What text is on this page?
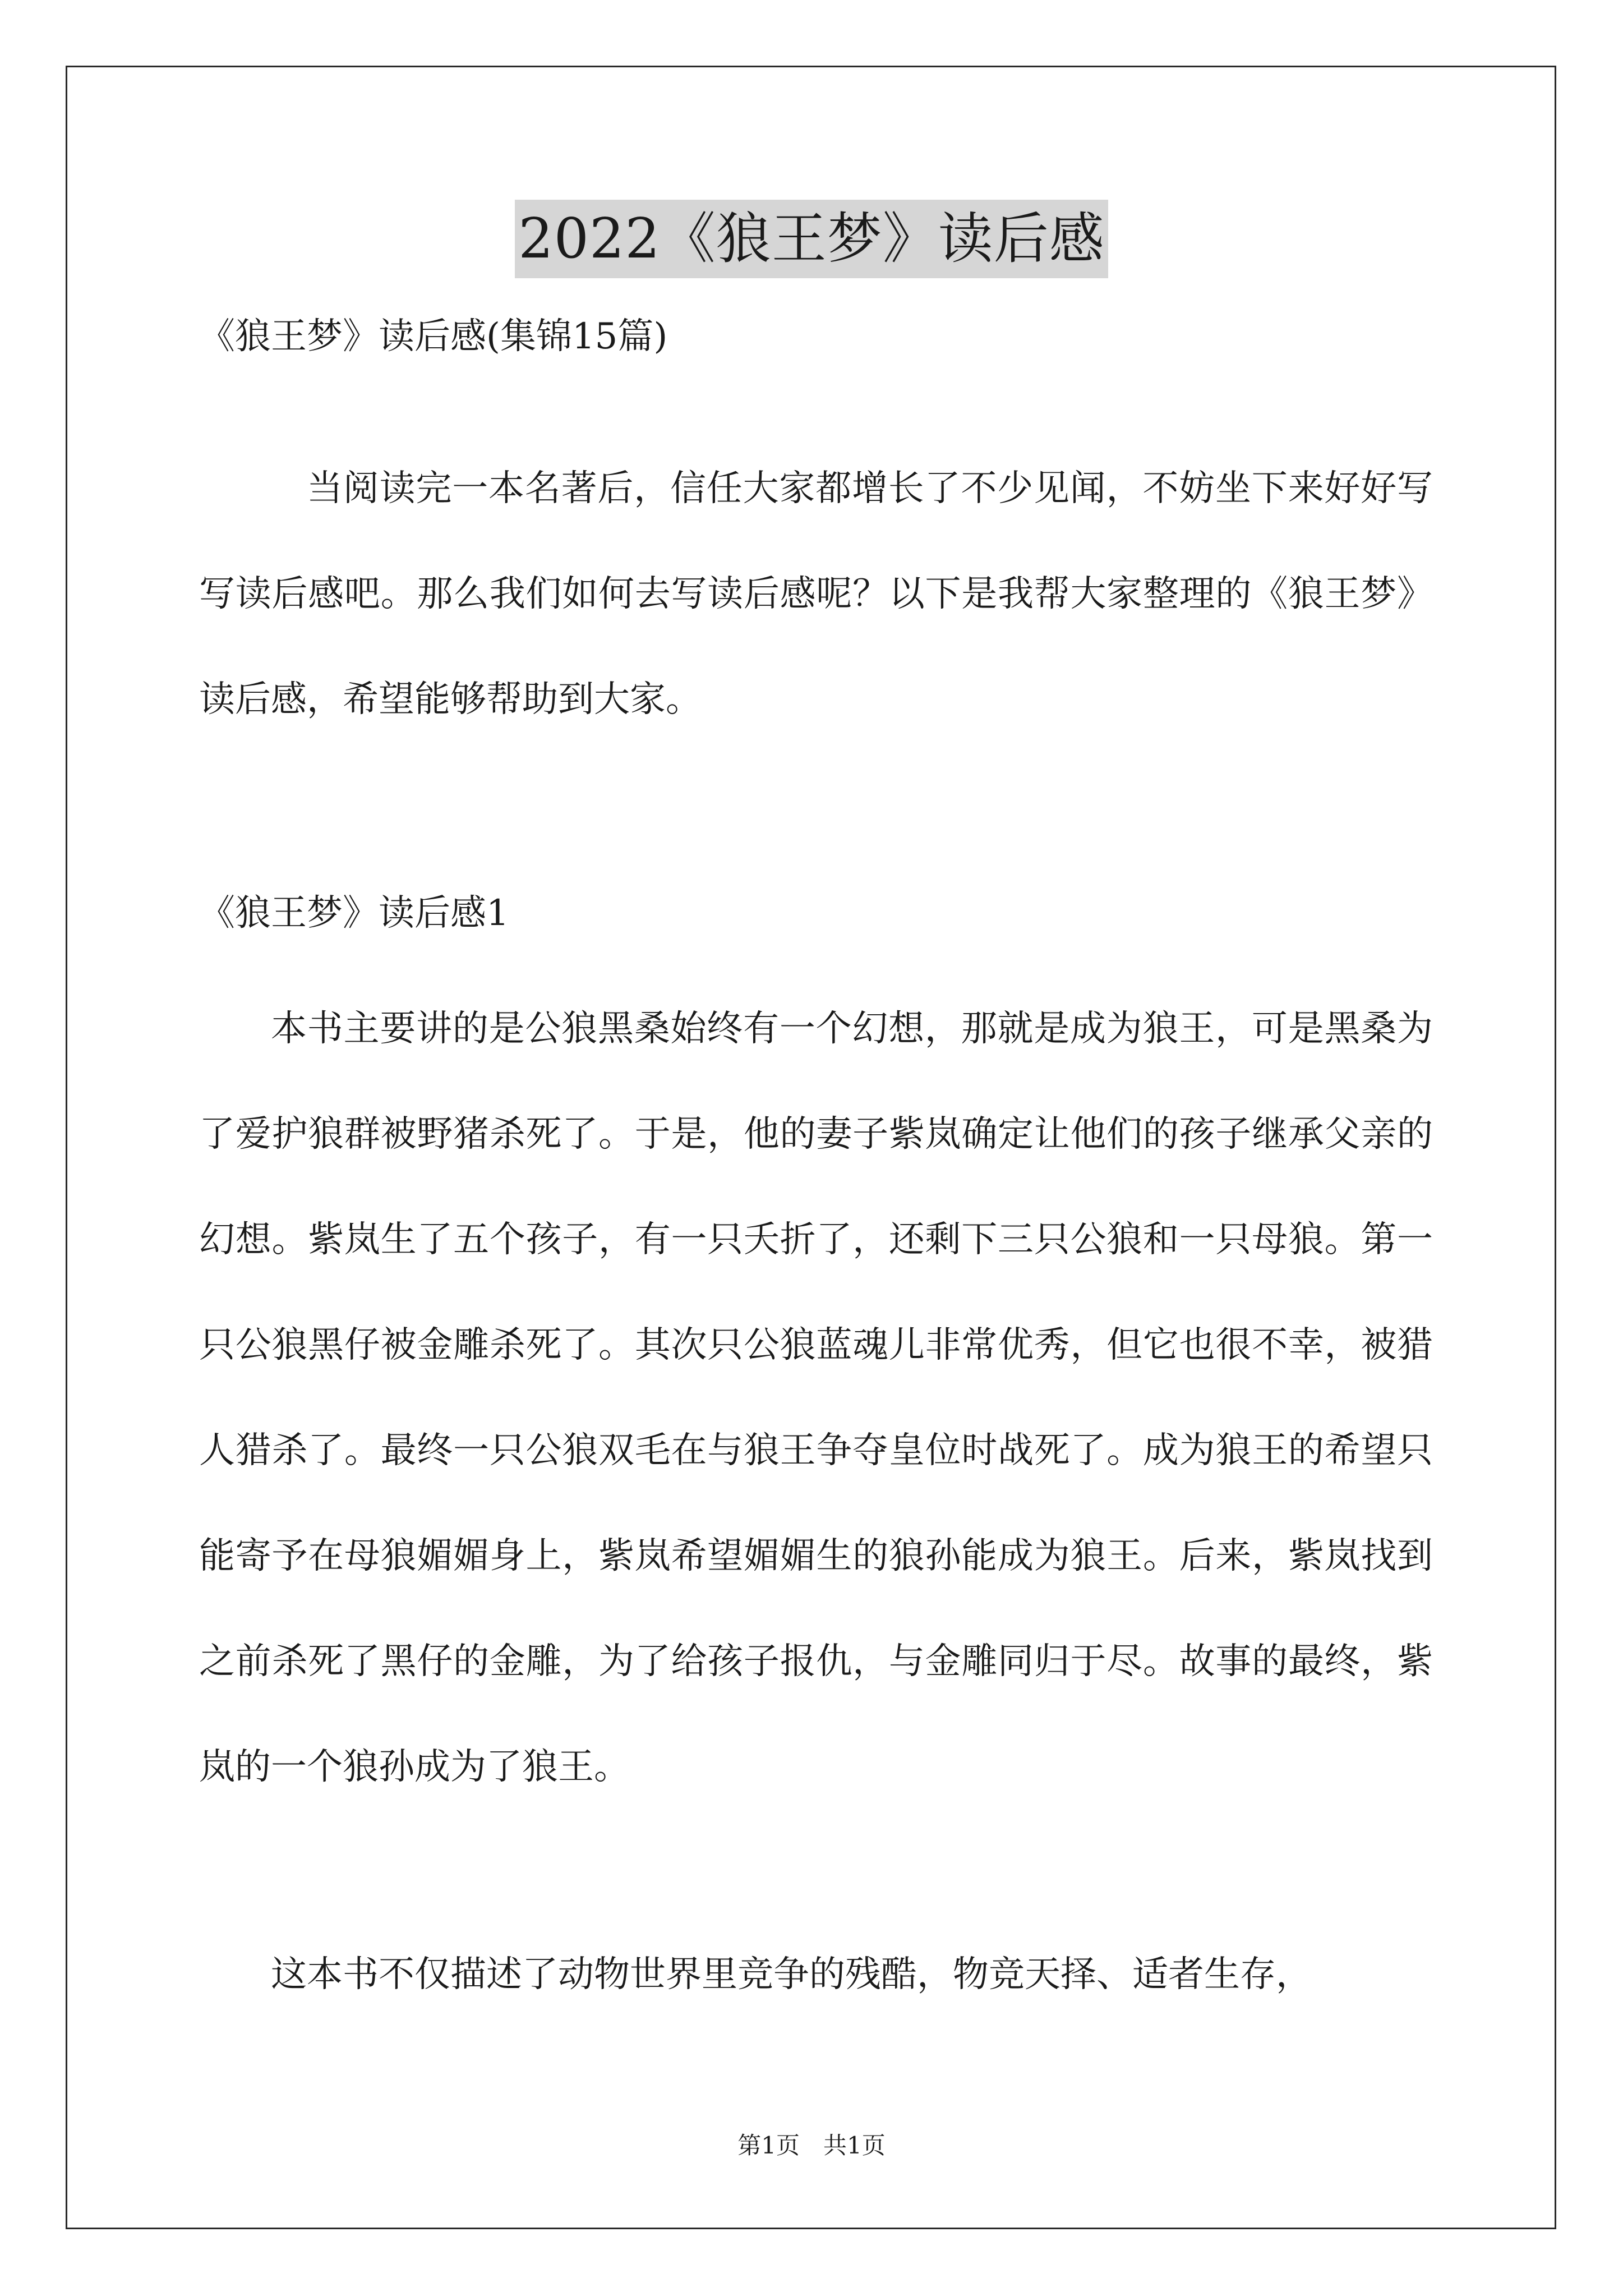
2022《狼王梦》读后感

《狼王梦》读后感(集锦15篇)

当阅读完一本名著后，信任大家都增长了不少见闻，不妨坐下来好好写写读后感吧。那么我们如何去写读后感呢？以下是我帮大家整理的《狼王梦》读后感，希望能够帮助到大家。

《狼王梦》读后感1

本书主要讲的是公狼黑桑始终有一个幻想，那就是成为狼王，可是黑桑为了爱护狼群被野猪杀死了。于是，他的妻子紫岚确定让他们的孩子继承父亲的幻想。紫岚生了五个孩子，有一只夭折了，还剩下三只公狼和一只母狼。第一只公狼黑仔被金雕杀死了。其次只公狼蓝魂儿非常优秀，但它也很不幸，被猎人猎杀了。最终一只公狼双毛在与狼王争夺皇位时战死了。成为狼王的希望只能寄予在母狼媚媚身上，紫岚希望媚媚生的狼孙能成为狼王。后来，紫岚找到之前杀死了黑仔的金雕，为了给孩子报仇，与金雕同归于尽。故事的最终，紫岚的一个狼孙成为了狼王。

这本书不仅描述了动物世界里竞争的残酷，物竞天择、适者生存，

第1页　共1页
